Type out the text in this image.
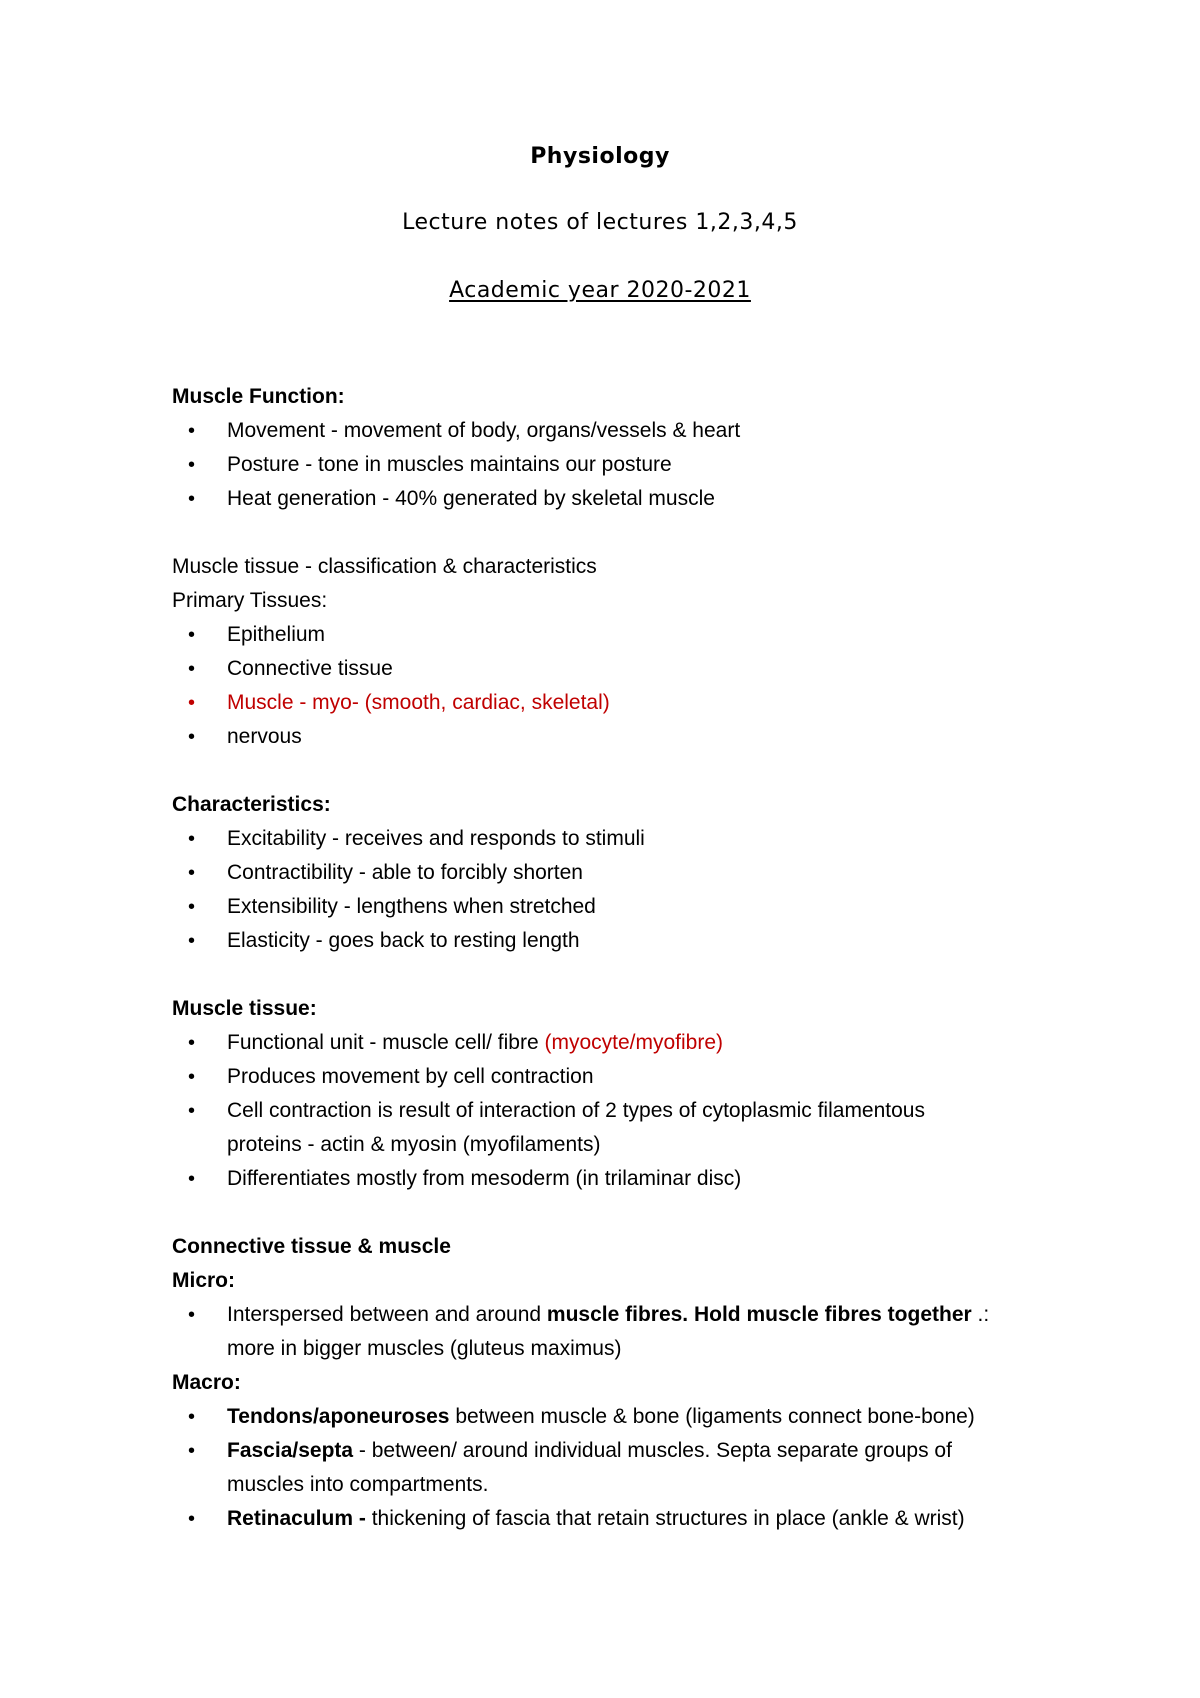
Physiology
Lecture notes of lectures 1,2,3,4,5
Academic year 2020-2021
Muscle Function:
• Movement - movement of body, organs/vessels & heart
• Posture - tone in muscles maintains our posture
• Heat generation - 40% generated by skeletal muscle
Muscle tissue - classification & characteristics
Primary Tissues:
• Epithelium
• Connective tissue
• Muscle - myo- (smooth, cardiac, skeletal)
• nervous
Characteristics:
• Excitability - receives and responds to stimuli
• Contractibility - able to forcibly shorten
• Extensibility - lengthens when stretched
• Elasticity - goes back to resting length
Muscle tissue:
• Functional unit - muscle cell/ fibre (myocyte/myofibre)
• Produces movement by cell contraction
• Cell contraction is result of interaction of 2 types of cytoplasmic filamentous
proteins - actin & myosin (myofilaments)
• Differentiates mostly from mesoderm (in trilaminar disc)
Connective tissue & muscle
Micro:
• Interspersed between and around muscle fibres. Hold muscle fibres together .:
more in bigger muscles (gluteus maximus)
Macro:
• Tendons/aponeuroses between muscle & bone (ligaments connect bone-bone)
• Fascia/septa - between/ around individual muscles. Septa separate groups of
muscles into compartments.
• Retinaculum - thickening of fascia that retain structures in place (ankle & wrist)
